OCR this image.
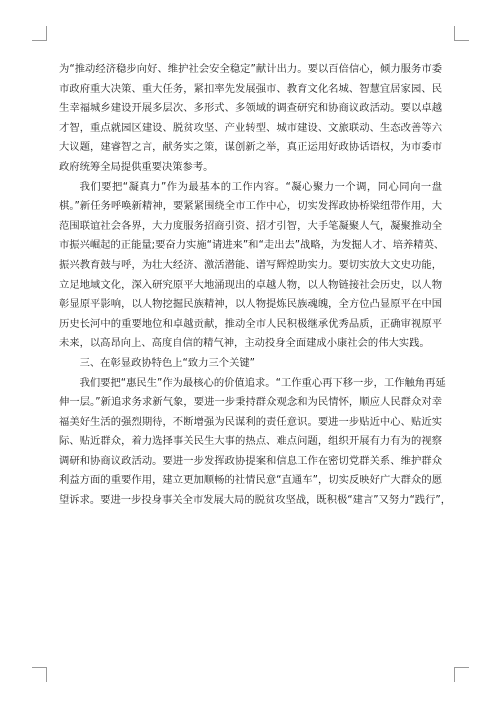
为“推动经济稳步向好、维护社会安全稳定”献计出力。要以百倍信心，倾力服务市委
市政府重大决策、重大任务，紧扣率先发展强市、教育文化名城、智慧宜居家园、民
生幸福城乡建设开展多层次、多形式、多领域的调查研究和协商议政活动。要以卓越
才智，重点就园区建设、脱贫攻坚、产业转型、城市建设、文旅联动、生态改善等六
大议题，建睿智之言，献务实之策，谋创新之举，真正运用好政协话语权，为市委市
政府统筹全局提供重要决策参考。

我们要把“凝真力”作为最基本的工作内容。“凝心聚力一个调，同心同向一盘
棋。”新任务呼唤新精神，要紧紧围绕全市工作中心，切实发挥政协桥梁纽带作用，大
范围联谊社会各界，大力度服务招商引资、招才引智，大手笔凝聚人气，凝聚推动全
市振兴崛起的正能量;要奋力实施“请进来”和“走出去”战略，为发掘人才、培养精英、
振兴教育鼓与呼，为壮大经济、激活潜能、谱写辉煌助实力。要切实放大文史功能，
立足地域文化，深入研究原平大地涌现出的卓越人物，以人物链接社会历史，以人物
彰显原平影响，以人物挖掘民族精神，以人物提炼民族魂魄，全方位凸显原平在中国
历史长河中的重要地位和卓越贡献，推动全市人民积极继承优秀品质，正确审视原平
未来，以高昂向上、高度自信的精气神，主动投身全面建成小康社会的伟大实践。

三、在彰显政协特色上“致力三个关键”

我们要把“惠民生”作为最核心的价值追求。“工作重心再下移一步，工作触角再延
伸一层。”新追求务求新气象，要进一步秉持群众观念和为民情怀，顺应人民群众对幸
福美好生活的强烈期待，不断增强为民谋利的责任意识。要进一步贴近中心、贴近实
际、贴近群众，着力选择事关民生大事的热点、难点问题，组织开展有力有为的视察
调研和协商议政活动。要进一步发挥政协提案和信息工作在密切党群关系、维护群众
利益方面的重要作用，建立更加顺畅的社情民意“直通车”，切实反映好广大群众的愿
望诉求。要进一步投身事关全市发展大局的脱贫攻坚战，既积极“建言”又努力“践行”，
